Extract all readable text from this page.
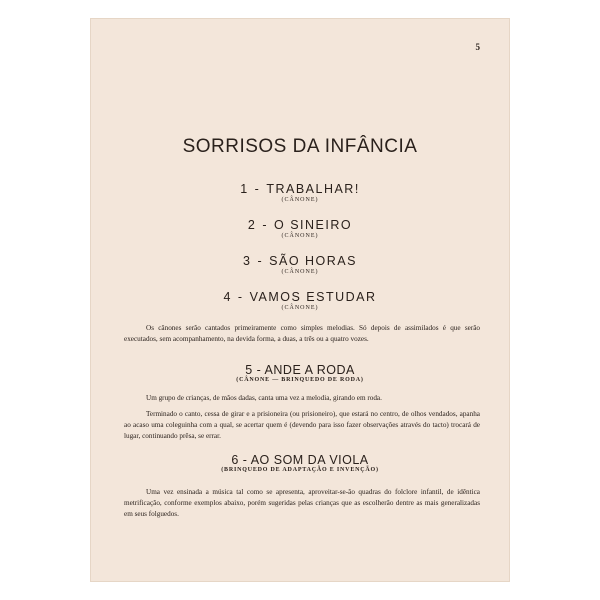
5
SORRISOS DA INFÂNCIA
1 - TRABALHAR!
(CÂNONE)
2 - O SINEIRO
(CÂNONE)
3 - SÃO HORAS
(CÂNONE)
4 - VAMOS ESTUDAR
(CÂNONE)

Os cânones serão cantados primeiramente como simples melodias. Só depois de assimilados é que serão executados, sem acompanhamento, na devida forma, a duas, a três ou a quatro vozes.

5 - ANDE A RODA
(CÂNONE — BRINQUEDO DE RODA)

Um grupo de crianças, de mãos dadas, canta uma vez a melodia, girando em roda.

Terminado o canto, cessa de girar e a prisioneira (ou prisioneiro), que estará no centro, de olhos vendados, apanha ao acaso uma coleguinha com a qual, se acertar quem é (devendo para isso fazer observações através do tacto) trocará de lugar, continuando prêsa, se errar.

6 - AO SOM DA VIOLA
(BRINQUEDO DE ADAPTAÇÃO E INVENÇÃO)

Uma vez ensinada a música tal como se apresenta, aproveitar-se-ão quadras do folclore infantil, de idêntica metrificação, conforme exemplos abaixo, porém sugeridas pelas crianças que as escolherão dentre as mais generalizadas em seus folguedos.
